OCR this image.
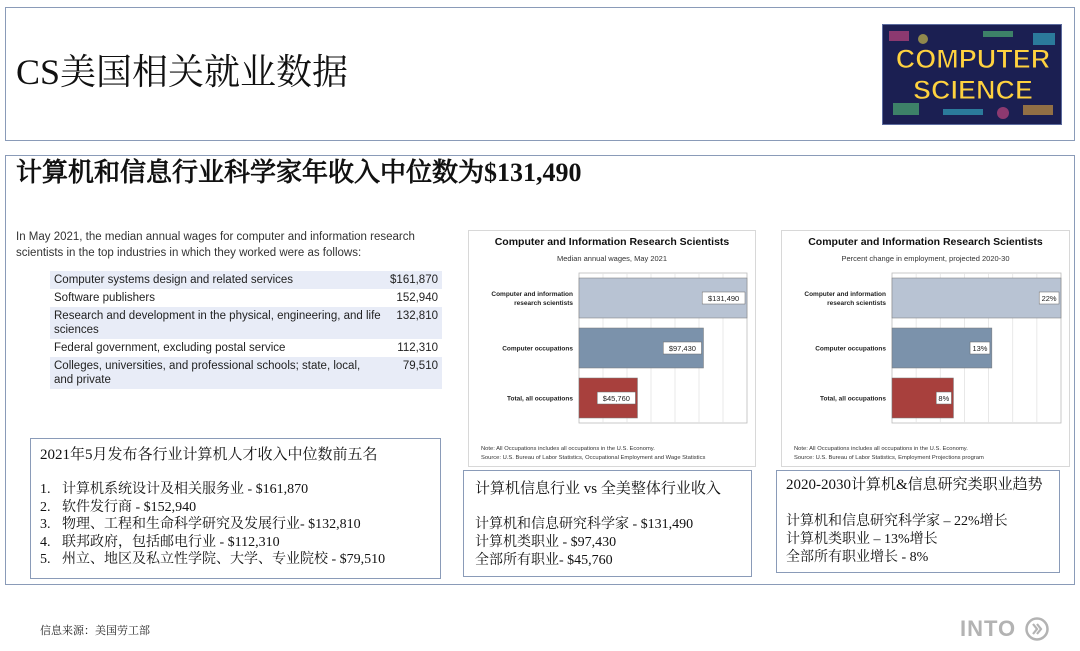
CS美国相关就业数据	COMPUTER
SCIENCE
计算机和信息行业科学家年收入中位数为$131,490

In May 2021, the median annual wages for computer and information research scientists in the top industries in which they worked were as follows:

Computer systems design and related services	$161,870
Software publishers	152,940
Research and development in the physical, engineering, and life sciences	132,810
Federal government, excluding postal service	112,310
Colleges, universities, and professional schools; state, local, and private	79,510
2021年5月发布各行业计算机人才收入中位数前五名
1. 计算机系统设计及相关服务业 - $161,870
2. 软件发行商 - $152,940
3. 物理、工程和生命科学研究及发展行业- $132,810
4. 联邦政府，包括邮电行业 - $112,310
5. 州立、地区及私立性学院、大学、专业院校 - $79,510
Computer and Information Research Scientists
Median annual wages, May 2021
Computer and information research scientists
$131,490
Computer occupations	$97,430
Total, all occupations	$45,760
Note: All Occupations includes all occupations in the U.S. Economy.
Source: U.S. Bureau of Labor Statistics, Occupational Employment and Wage Statistics
Computer and Information Research Scientists
Percent change in employment, projected 2020-30
Computer and information research scientists
22%
Computer occupations	13%
Total, all occupations	8%
Note: All Occupations includes all occupations in the U.S. Economy.
Source: U.S. Bureau of Labor Statistics, Employment Projections program
计算机信息行业 vs 全美整体行业收入
计算机和信息研究科学家 - $131,490
计算机类职业 - $97,430
全部所有职业- $45,760
2020-2030计算机&信息研究类职业趋势
计算机和信息研究科学家 – 22%增长
计算机类职业 – 13%增长
全部所有职业增长 - 8%
信息来源：美国劳工部	INTO
